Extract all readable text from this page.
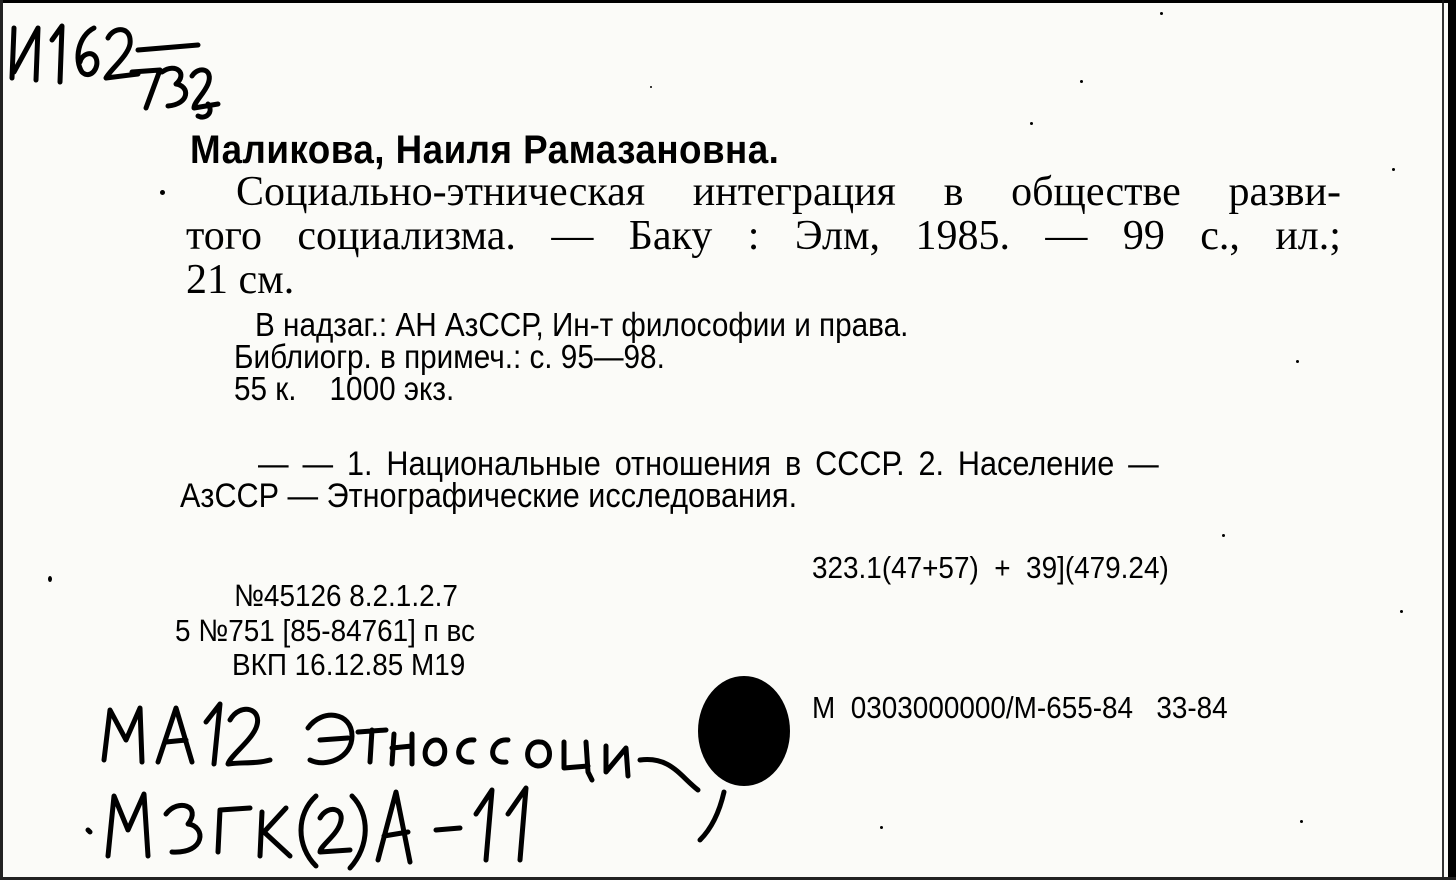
Маликова, Наиля Рамазановна.
Социально-этническая интеграция в обществе разви-
того социализма. — Баку : Элм, 1985. — 99 с., ил.;
21 см.
В надзаг.: АН АзССР, Ин-т философии и права.
Библиогр. в примеч.: с. 95—98.
55 к.    1000 экз.
— — 1. Национальные отношения в СССР. 2. Население —
АзССР — Этнографические исследования.
323.1(47+57)  +  39](479.24)
№45126 8.2.1.2.7
5 №751 [85-84761] п вс
ВКП 16.12.85 М19
М  0303000000/М-655-84   33-84
